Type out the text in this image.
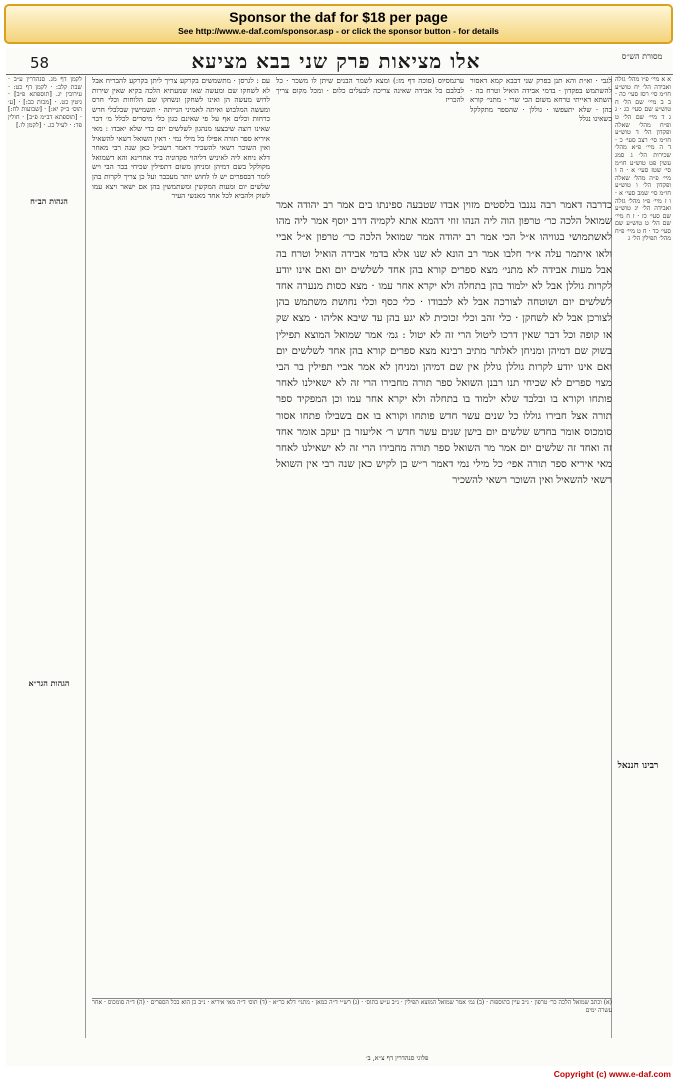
Sponsor the daf for $18 per page
See http://www.e-daf.com/sponsor.asp - or click the sponsor button - for details
58	אלו מציאות פרק שני בבא מציעא	מסורת הש״ס
לקמן דף מג. סנהדרין ע״ב · שבת קלב: · לקמן דף כט: · עירובין יג. [תוספתא פ״ב] · גיטין כט. · [מכות כב:] · [ע׳ תוס׳ ב״ק יא:] · [שבועות לח:] · [תוספתא דב״מ פ״ב] · חולין פד: · לעיל כג. · [לקמן לו.]
א א מיי׳ פ״ו מהל׳ גזלה ואבידה הל׳ יח טוש״ע חו״מ סי׳ רסז סעי׳ כה · ב ב מיי׳ שם הל׳ ח טוש״ע שם סעי׳ כג · ג ג ד מיי׳ שם הל׳ ט ופ״ח מהל׳ שאלה ופקדון הל׳ ד טוש״ע חו״מ סי׳ רצב סעי׳ כ · ד ה מיי׳ פ״א מהל׳ שכירות הל׳ ג סמג עשין פט טוש״ע חו״מ סי׳ שטז סעי׳ א · ה ו מיי׳ פ״ה מהל׳ שאלה ופקדון הל׳ ו טוש״ע חו״מ סי׳ שמב סעי׳ א · ו ז מיי׳ פ״ו מהל׳ גזלה ואבידה הל׳ יג טוש״ע שם סעי׳ כז · ז ח מיי׳ שם הל׳ ט טוש״ע שם סעי׳ כד · ח ט מיי׳ פ״ח מהל׳ תפילין הל׳ ג
עם : לגרסן · מתשמשים בקרקע צריך ליתן בקרקע להבריח אבל לא לשחקו שם ומעשה שאו שמעתיא הלכה בקיא שאין שירות לדוש מעשה הן ואינו לשחקן ונשחקו שם הלוחות וכלי חרס ומעשה המלבוש ואיתה לאמיני הנייתה · תשמישין שבלבלי חרש כרחות וכלים אף על פי שאינם כגון כלי מיסרים לכלל מ׳ דבר שאינו רוצה שיבצעו מנהגון לשלשים יום כדי שלא יאבדו : מאי איריא ספר תורה אפילו כל מילי נמי · דאין השואל רשאי להשאיל ואין השוכר רשאי להשכיר דאמר רשב״ל כאן שנה רבי מאחר דלא ניחא ליה לאיניש דליהוי פקדוניה ביד אחרינא והא דשמואל מקולקל בשם דמיהן ומניחן משום דתפילין שכיחי בבר הבי ויש לומר דבספרים יש לו לחוש יותר מעכבר ועל כן צריך לקרות בהן שלשים יום ומעות המקשין ומשתמשין בהן אם ישאר ויצא עמו לשוק ולהביא לכל אחד מאנשי העיר
ערגמסיוס (סוכה דף מז:) ומצא לשמר הבנים שיתן לו משכר · כל לבלבם כל אבידה שאינה צריכה לבעלים כלום · ומכל מקום צריך להכריז
לגבי · וא״ת והא תנן בפרק שני דבבא קמא דאסור להשתמש בפקדון · בדמי אבידה הואיל וטרח בה · השתא דאייתי טרחא משום הכי שרי · מתני׳ קורא בהן · שלא יתעפשו · גוללן · שהספר מתקלקל כשאינו נגלל
כדרבה דאמר רבה נגנבו בלסטים מזוין אבדו שטבעה ספינתו בים אמר רב יהודה אמר שמואל הלכה כר׳ טרפון הוה ליה הנהו זוזי דהמא אתא לקמיה דרב יוסף אמר ליה מהו לאשתמושי בגוויהו א״ל הכי אמר רב יהודה אמר שמואל הלכה כר׳ טרפון א״ל אביי ולאו איתמר עלה א״ר חלבו אמר רב הונא לא שנו אלא בדמי אבידה הואיל וטרח בה אבל מעות אבידה לא מתני׳ מצא ספרים קורא בהן אחד לשלשים יום ואם אינו יודע לקרות גוללן אבל לא ילמוד בהן בתחלה ולא יקרא אחר עמו · מצא כסות מנערה אחד לשלשים יום ושוטחה לצורכה אבל לא לכבודו · כלי כסף וכלי נחושת משתמש בהן לצורכן אבל לא לשחקן · כלי זהב וכלי זכוכית לא יגע בהן עד שיבא אליהו · מצא שק או קופה וכל דבר שאין דרכו ליטול הרי זה לא יטול : גמ׳ אמר שמואל המוצא תפילין בשוק שם דמיהן ומניחן לאלתר מתיב רבינא מצא ספרים קורא בהן אחד לשלשים יום ואם אינו יודע לקרות גוללן גוללן אין שם דמיהן ומניחן לא אמר אביי תפילין בר הבי מצוי ספרים לא שכיחי תנו רבנן השואל ספר תורה מחבירו הרי זה לא ישאילנו לאחר פותחו וקורא בו ובלבד שלא ילמוד בו בתחלה ולא יקרא אחר עמו וכן המפקיד ספר תורה אצל חבירו גוללו כל שנים עשר חדש פותחו וקורא בו אם בשבילו פתחו אסור סומכוס אומר בחדש שלשים יום בישן שנים עשר חדש ר׳ אליעזר בן יעקב אומר אחד זה ואחד זה שלשים יום אמר מר השואל ספר תורה מחבירו הרי זה לא ישאילנו לאחר מאי איריא ספר תורה אפי׳ כל מילי נמי דאמר ר״ש בן לקיש כאן שנה רבי אין השואל רשאי להשאיל ואין השוכר רשאי להשכיר
הגהות הב״ח
הגהות הגר״א
רבינו חננאל
(א) וכתב שמואל הלכה כר׳ טרפון · נ״ב עיין בתוספות · (ב) גמ׳ אמר שמואל המוצא תפילין · נ״ב ע״ש בתוס׳ · (ג) רש״י ד״ה כמאן · מתני׳ דלא כר״א · (ד) תוס׳ ד״ה מאי איריא · נ״ב כן הוא בכל הספרים · (ה) ד״ה סומכוס · אחר עשרה ימים
פלוגי סנהדרין דף צ״א, ב׳
Copyright (c) www.e-daf.com
